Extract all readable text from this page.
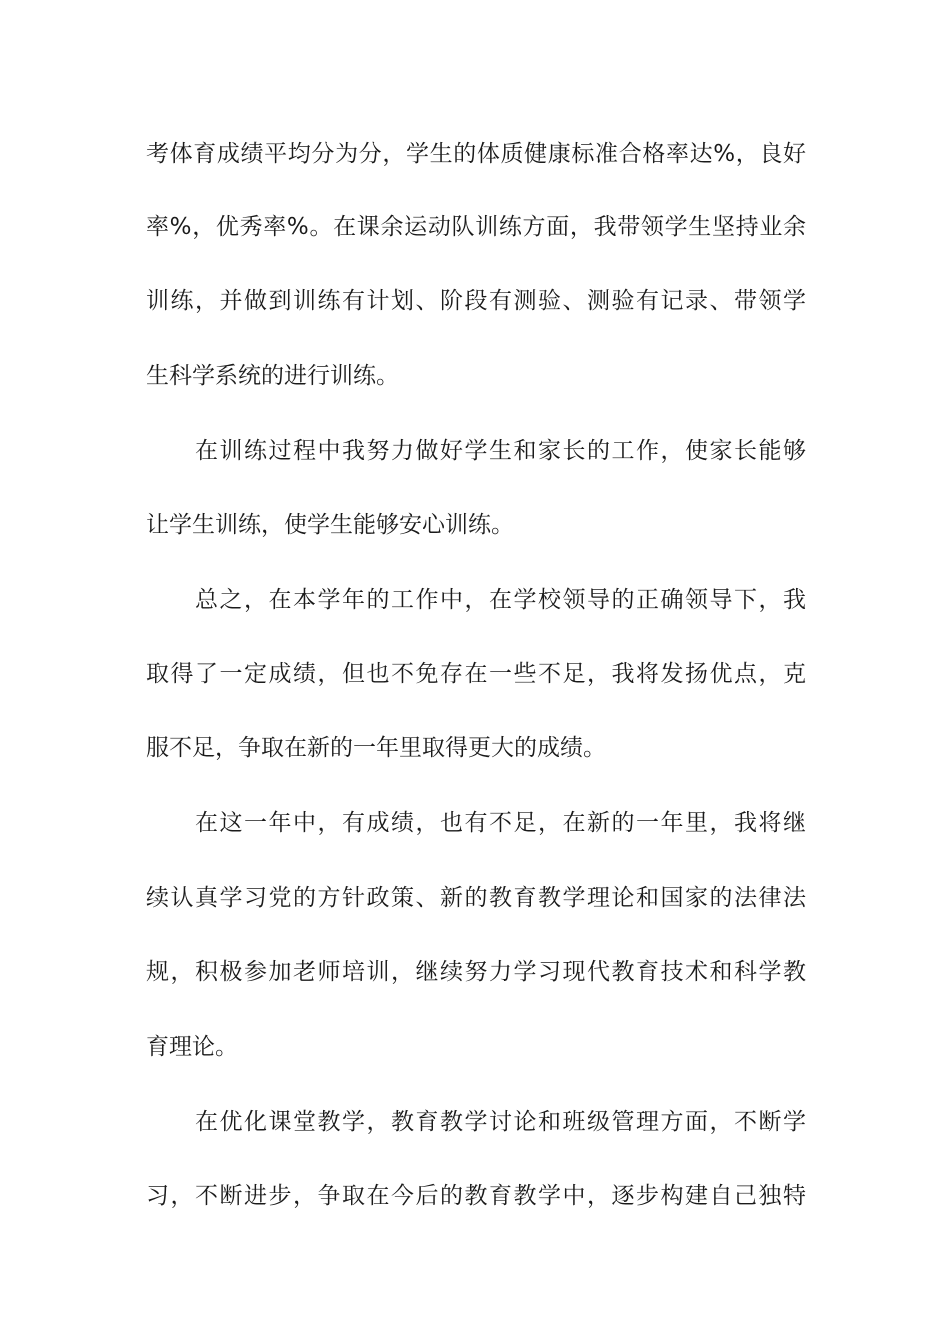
考体育成绩平均分为分，学生的体质健康标准合格率达%，良好
率%，优秀率%。在课余运动队训练方面，我带领学生坚持业余
训练，并做到训练有计划、阶段有测验、测验有记录、带领学
生科学系统的进行训练。
在训练过程中我努力做好学生和家长的工作，使家长能够
让学生训练，使学生能够安心训练。
总之，在本学年的工作中，在学校领导的正确领导下，我
取得了一定成绩，但也不免存在一些不足，我将发扬优点，克
服不足，争取在新的一年里取得更大的成绩。
在这一年中，有成绩，也有不足，在新的一年里，我将继
续认真学习党的方针政策、新的教育教学理论和国家的法律法
规，积极参加老师培训，继续努力学习现代教育技术和科学教
育理论。
在优化课堂教学，教育教学讨论和班级管理方面，不断学
习，不断进步，争取在今后的教育教学中，逐步构建自己独特
